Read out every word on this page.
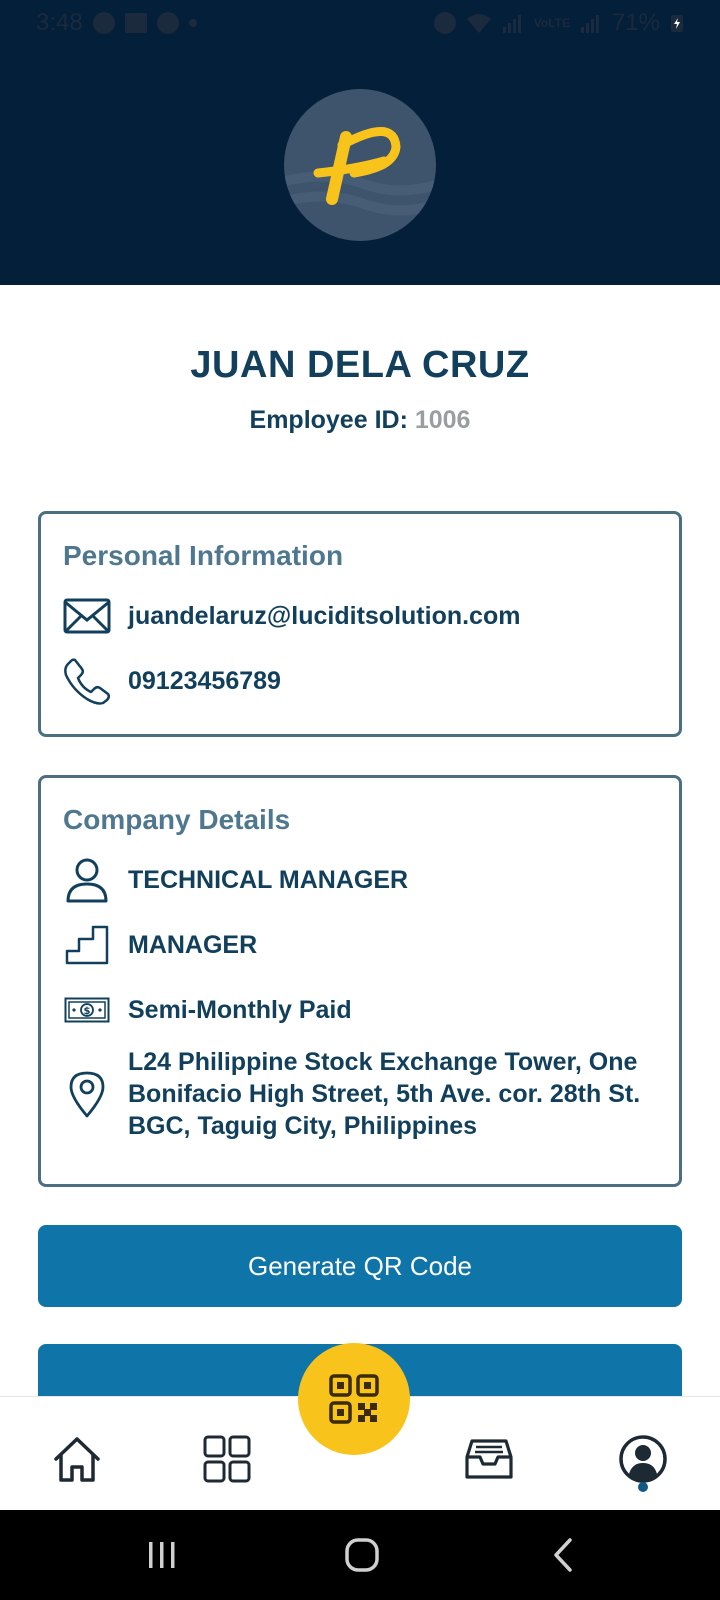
3:48	VoLTE 71%
JUAN DELA CRUZ
Employee ID: 1006
Personal Information
juandelaruz@luciditsolution.com
09123456789
Company Details
TECHNICAL MANAGER
MANAGER
$ Semi-Monthly Paid
L24 Philippine Stock Exchange Tower, One Bonifacio High Street, 5th Ave. cor. 28th St. BGC, Taguig City, Philippines
Generate QR Code
